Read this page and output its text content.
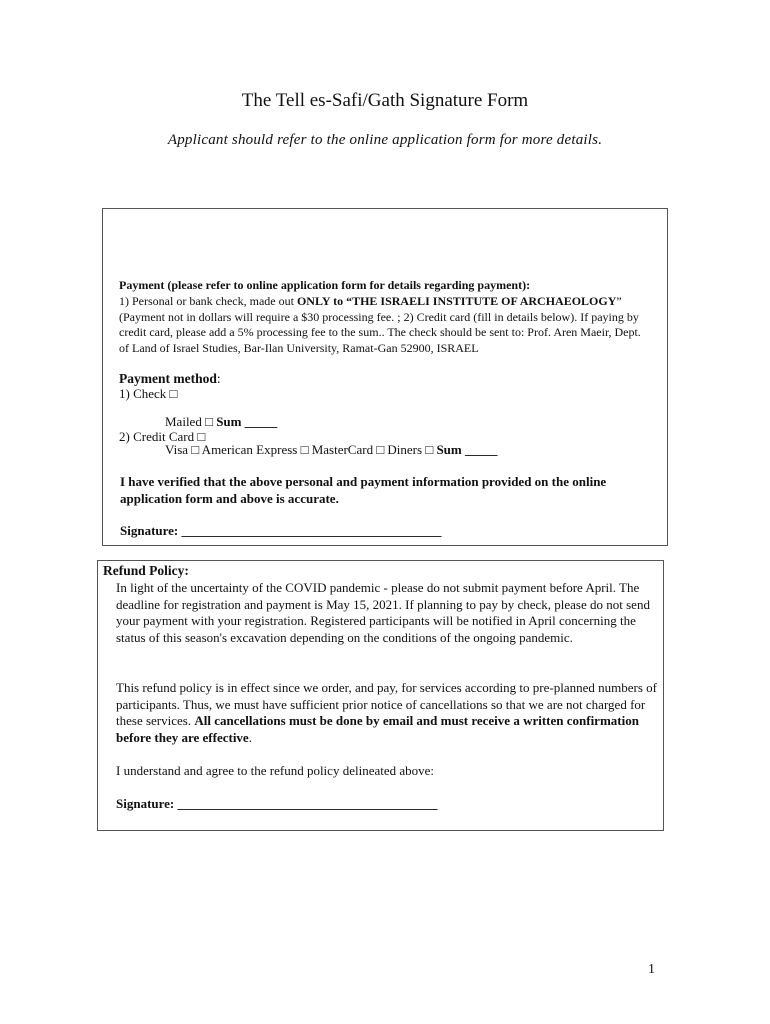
The Tell es-Safi/Gath Signature Form
Applicant should refer to the online application form for more details.
Payment (please refer to online application form for details regarding payment):
1) Personal or bank check, made out ONLY to “THE ISRAELI INSTITUTE OF ARCHAEOLOGY” (Payment not in dollars will require a $30 processing fee. ; 2) Credit card (fill in details below). If paying by credit card, please add a 5% processing fee to the sum.. The check should be sent to: Prof. Aren Maeir, Dept. of Land of Israel Studies, Bar-Ilan University, Ramat-Gan 52900, ISRAEL
Payment method:
1) Check □
Mailed □ Sum _____
2) Credit Card □
Visa □ American Express □ MasterCard □ Diners □ Sum _____
I have verified that the above personal and payment information provided on the online application form and above is accurate.
Signature: ________________________________________
Refund Policy:
In light of the uncertainty of the COVID pandemic - please do not submit payment before April. The deadline for registration and payment is May 15, 2021. If planning to pay by check, please do not send your payment with your registration. Registered participants will be notified in April concerning the status of this season's excavation depending on the conditions of the ongoing pandemic.
This refund policy is in effect since we order, and pay, for services according to pre-planned numbers of participants. Thus, we must have sufficient prior notice of cancellations so that we are not charged for these services. All cancellations must be done by email and must receive a written confirmation before they are effective.
I understand and agree to the refund policy delineated above:
Signature: ________________________________________
1
